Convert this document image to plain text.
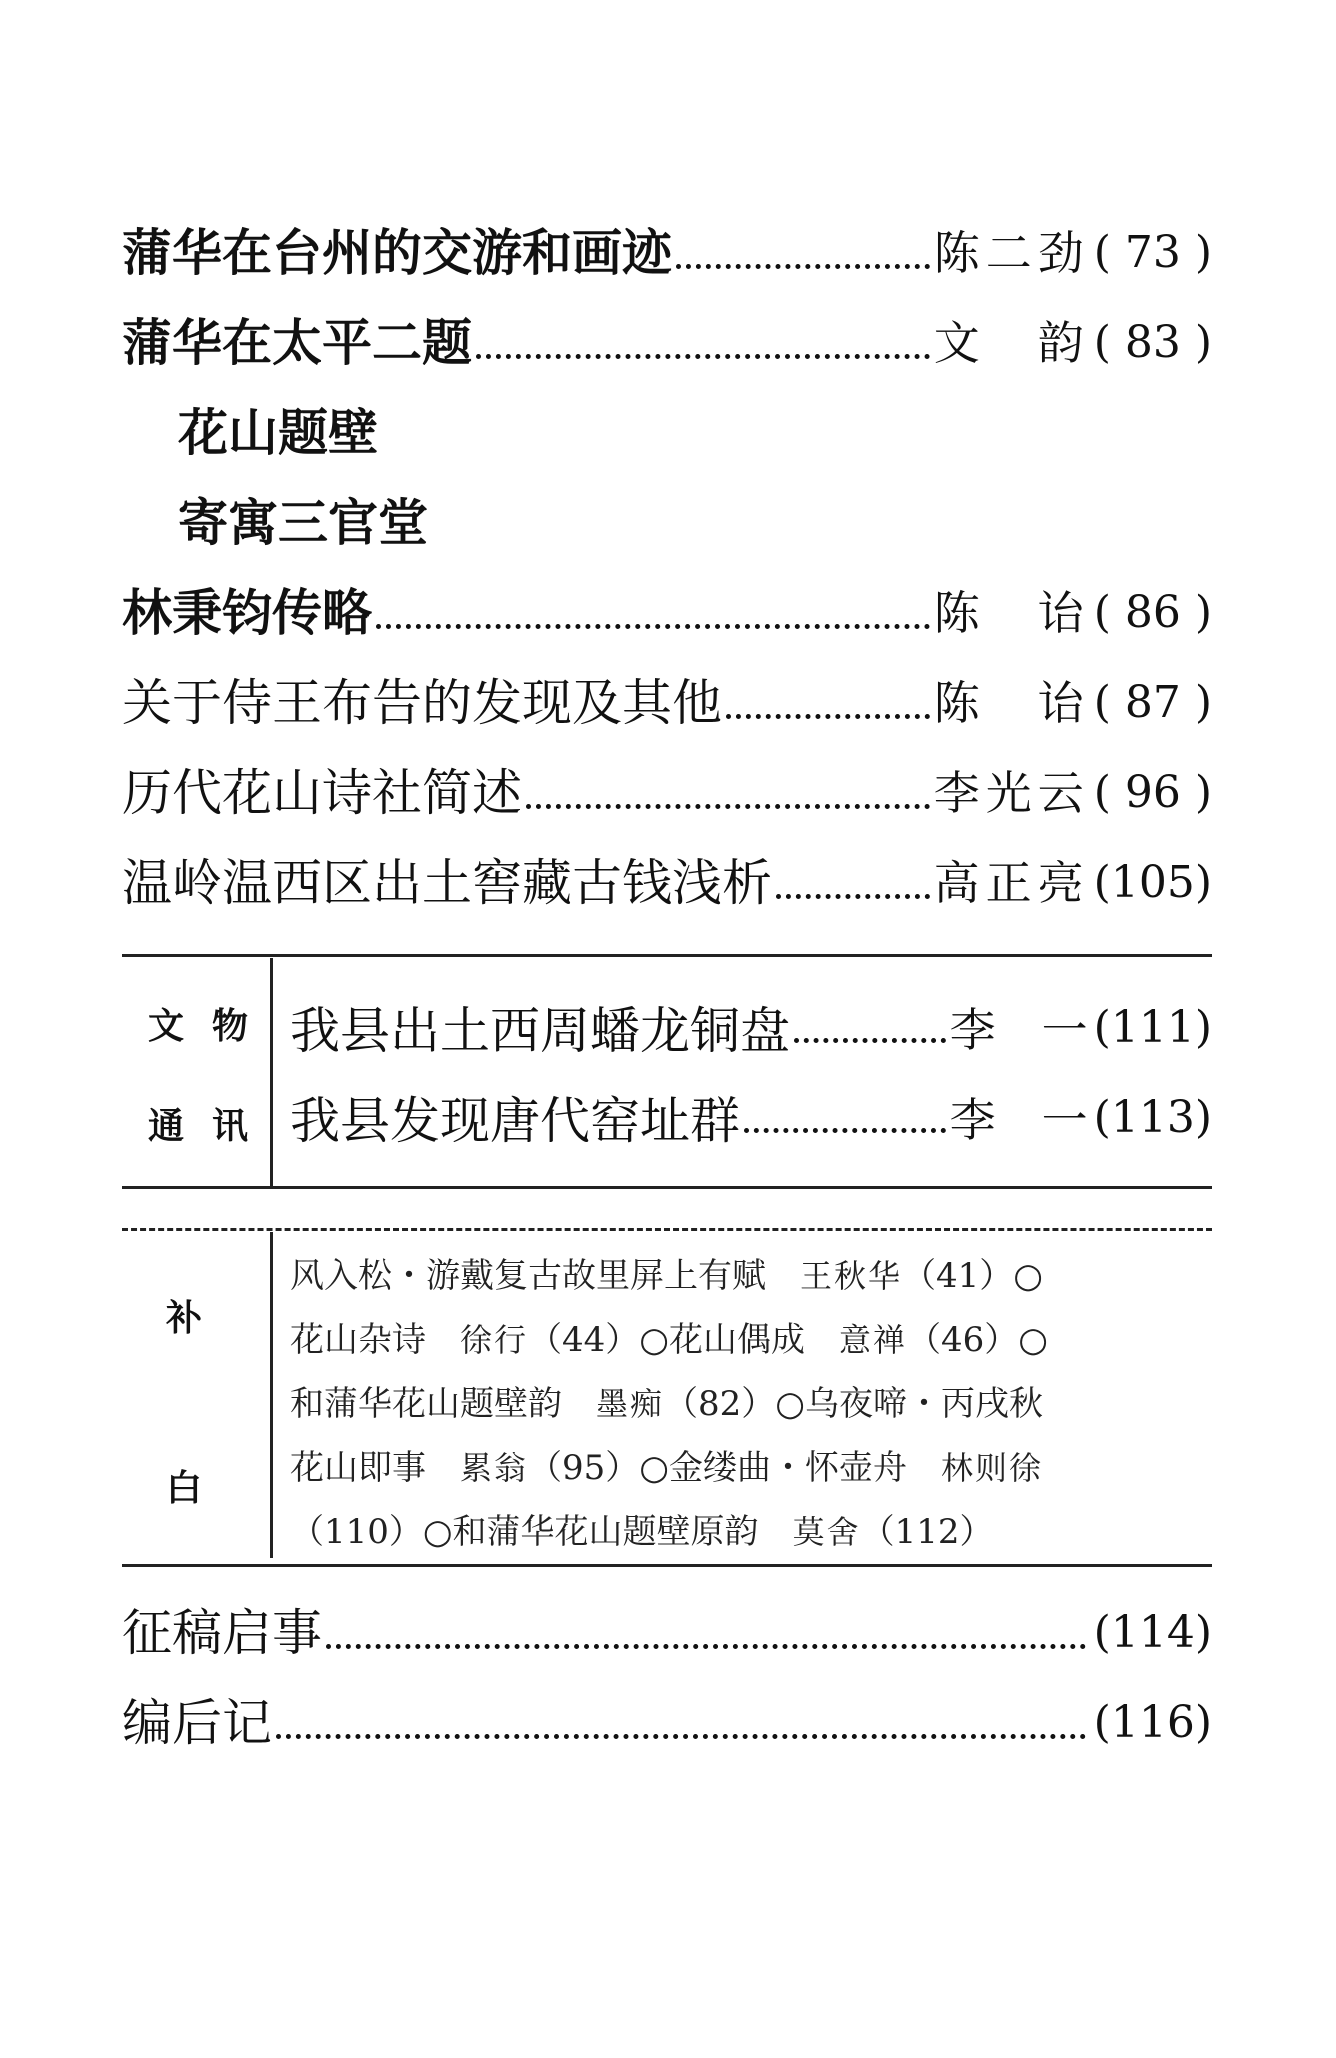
蒲华在台州的交游和画迹	陈二劲 ( 73 )
蒲华在太平二题	文　韵 ( 83 )
花山题壁
寄寓三官堂
林秉钧传略	陈　诒 ( 86 )
关于侍王布告的发现及其他	陈　诒 ( 87 )
历代花山诗社简述	李光云 ( 96 )
温岭温西区出土窖藏古钱浅析	高正亮 (105)
文物
通讯
我县出土西周蟠龙铜盘	李　一 (111)
我县发现唐代窑址群	李　一 (113)
补
白
风入松・游戴复古故里屏上有赋　王秋华（41）○
花山杂诗　徐行（44）○花山偶成　意禅（46）○
和蒲华花山题壁韵　墨痴（82）○乌夜啼・丙戌秋
花山即事　累翁（95）○金缕曲・怀壶舟　林则徐
（110）○和蒲华花山题壁原韵　莫舍（112）
征稿启事	(114)
编后记	(116)
